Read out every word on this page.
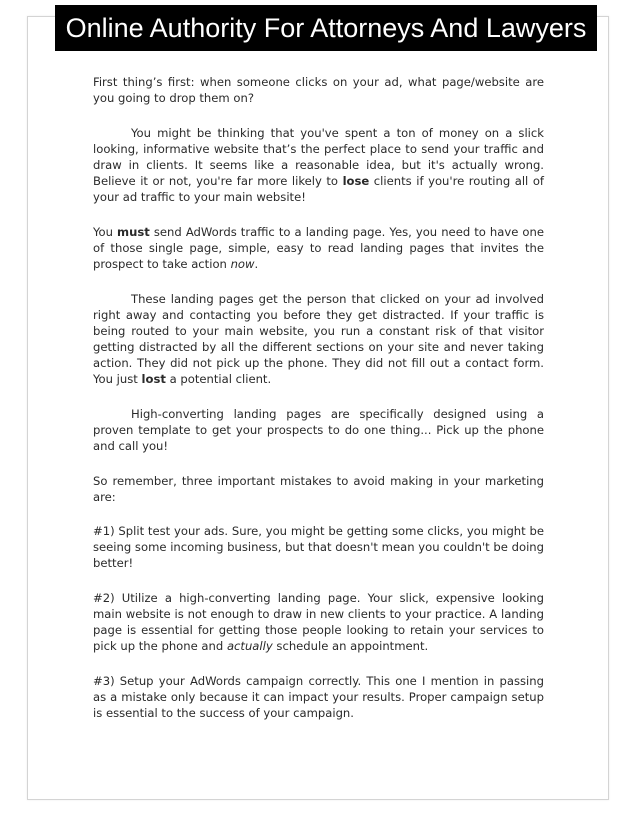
Online Authority For Attorneys And Lawyers

First thing’s first: when someone clicks on your ad, what page/website are you going to drop them on?

You might be thinking that you've spent a ton of money on a slick looking, informative website that’s the perfect place to send your traffic and draw in clients. It seems like a reasonable idea, but it's actually wrong. Believe it or not, you're far more likely to lose clients if you're routing all of your ad traffic to your main website!

You must send AdWords traffic to a landing page. Yes, you need to have one of those single page, simple, easy to read landing pages that invites the prospect to take action now.

These landing pages get the person that clicked on your ad involved right away and contacting you before they get distracted. If your traffic is being routed to your main website, you run a constant risk of that visitor getting distracted by all the different sections on your site and never taking action. They did not pick up the phone. They did not fill out a contact form. You just lost a potential client.

High-converting landing pages are specifically designed using a proven template to get your prospects to do one thing... Pick up the phone and call you!

So remember, three important mistakes to avoid making in your marketing are:

#1) Split test your ads. Sure, you might be getting some clicks, you might be seeing some incoming business, but that doesn't mean you couldn't be doing better!

#2) Utilize a high-converting landing page. Your slick, expensive looking main website is not enough to draw in new clients to your practice. A landing page is essential for getting those people looking to retain your services to pick up the phone and actually schedule an appointment.

#3) Setup your AdWords campaign correctly. This one I mention in passing as a mistake only because it can impact your results. Proper campaign setup is essential to the success of your campaign.
